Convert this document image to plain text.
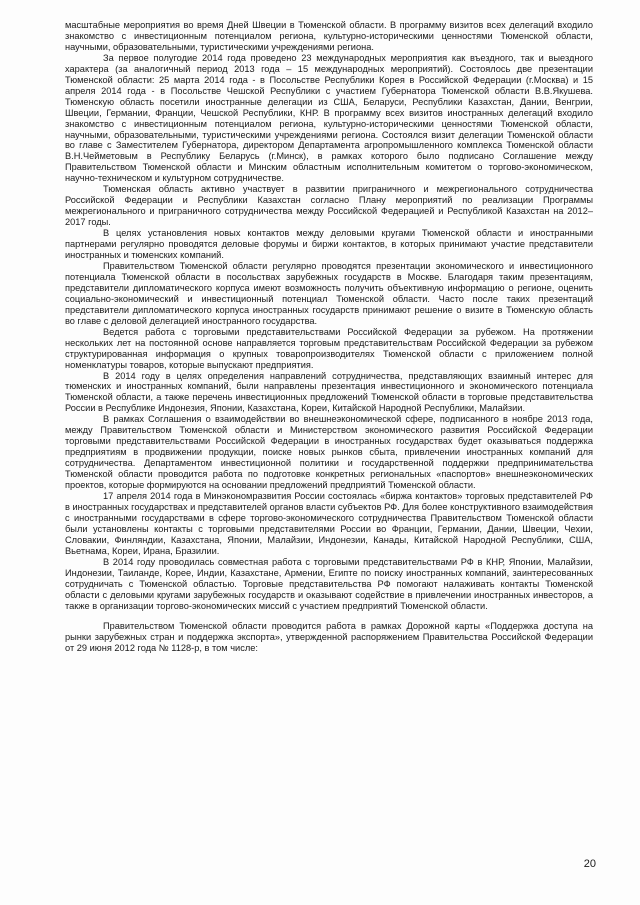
масштабные мероприятия во время Дней Швеции в Тюменской области. В программу визитов всех делегаций входило знакомство с инвестиционным потенциалом региона, культурно-историческими ценностями Тюменской области, научными, образовательными, туристическими учреждениями региона.

За первое полугодие 2014 года проведено 23 международных мероприятия как въездного, так и выездного характера (за аналогичный период 2013 года – 15 международных мероприятий). Состоялось две презентации Тюменской области: 25 марта 2014 года - в Посольстве Республики Корея в Российской Федерации (г.Москва) и 15 апреля 2014 года - в Посольстве Чешской Республики с участием Губернатора Тюменской области В.В.Якушева. Тюменскую область посетили иностранные делегации из США, Беларуси, Республики Казахстан, Дании, Венгрии, Швеции, Германии, Франции, Чешской Республики, КНР. В программу всех визитов иностранных делегаций входило знакомство с инвестиционным потенциалом региона, культурно-историческими ценностями Тюменской области, научными, образовательными, туристическими учреждениями региона. Состоялся визит делегации Тюменской области во главе с Заместителем Губернатора, директором Департамента агропромышленного комплекса Тюменской области В.Н.Чейметовым в Республику Беларусь (г.Минск), в рамках которого было подписано Соглашение между Правительством Тюменской области и Минским областным исполнительным комитетом о торгово-экономическом, научно-техническом и культурном сотрудничестве.

Тюменская область активно участвует в развитии приграничного и межрегионального сотрудничества Российской Федерации и Республики Казахстан согласно Плану мероприятий по реализации Программы межрегионального и приграничного сотрудничества между Российской Федерацией и Республикой Казахстан на 2012–2017 годы.

В целях установления новых контактов между деловыми кругами Тюменской области и иностранными партнерами регулярно проводятся деловые форумы и биржи контактов, в которых принимают участие представители иностранных и тюменских компаний.

Правительством Тюменской области регулярно проводятся презентации экономического и инвестиционного потенциала Тюменской области в посольствах зарубежных государств в Москве. Благодаря таким презентациям, представители дипломатического корпуса имеют возможность получить объективную информацию о регионе, оценить социально-экономический и инвестиционный потенциал Тюменской области. Часто после таких презентаций представители дипломатического корпуса иностранных государств принимают решение о визите в Тюменскую область во главе с деловой делегацией иностранного государства.

Ведется работа с торговыми представительствами Российской Федерации за рубежом. На протяжении нескольких лет на постоянной основе направляется торговым представительствам Российской Федерации за рубежом структурированная информация о крупных товаропроизводителях Тюменской области с приложением полной номенклатуры товаров, которые выпускают предприятия.

В 2014 году в целях определения направлений сотрудничества, представляющих взаимный интерес для тюменских и иностранных компаний, были направлены презентация инвестиционного и экономического потенциала Тюменской области, а также перечень инвестиционных предложений Тюменской области в торговые представительства России в Республике Индонезия, Японии, Казахстана, Кореи, Китайской Народной Республики, Малайзии.

В рамках Соглашения о взаимодействии во внешнеэкономической сфере, подписанного в ноябре 2013 года, между Правительством Тюменской области и Министерством экономического развития Российской Федерации торговыми представительствами Российской Федерации в иностранных государствах будет оказываться поддержка предприятиям в продвижении продукции, поиске новых рынков сбыта, привлечении иностранных компаний для сотрудничества. Департаментом инвестиционной политики и государственной поддержки предпринимательства Тюменской области проводится работа по подготовке конкретных региональных «паспортов» внешнеэкономических проектов, которые формируются на основании предложений предприятий Тюменской области.

17 апреля 2014 года в Минэкономразвития России состоялась «биржа контактов» торговых представителей РФ в иностранных государствах и представителей органов власти субъектов РФ. Для более конструктивного взаимодействия с иностранными государствами в сфере торгово-экономического сотрудничества Правительством Тюменской области были установлены контакты с торговыми представителями России во Франции, Германии, Дании, Швеции, Чехии, Словакии, Финляндии, Казахстана, Японии, Малайзии, Индонезии, Канады, Китайской Народной Республики, США, Вьетнама, Кореи, Ирана, Бразилии.

В 2014 году проводилась совместная работа с торговыми представительствами РФ в КНР, Японии, Малайзии, Индонезии, Таиланде, Корее, Индии, Казахстане, Армении, Египте по поиску иностранных компаний, заинтересованных сотрудничать с Тюменской областью. Торговые представительства РФ помогают налаживать контакты Тюменской области с деловыми кругами зарубежных государств и оказывают содействие в привлечении иностранных инвесторов, а также в организации торгово-экономических миссий с участием предприятий Тюменской области.

Правительством Тюменской области проводится работа в рамках Дорожной карты «Поддержка доступа на рынки зарубежных стран и поддержка экспорта», утвержденной распоряжением Правительства Российской Федерации от 29 июня 2012 года № 1128-р, в том числе:

20
